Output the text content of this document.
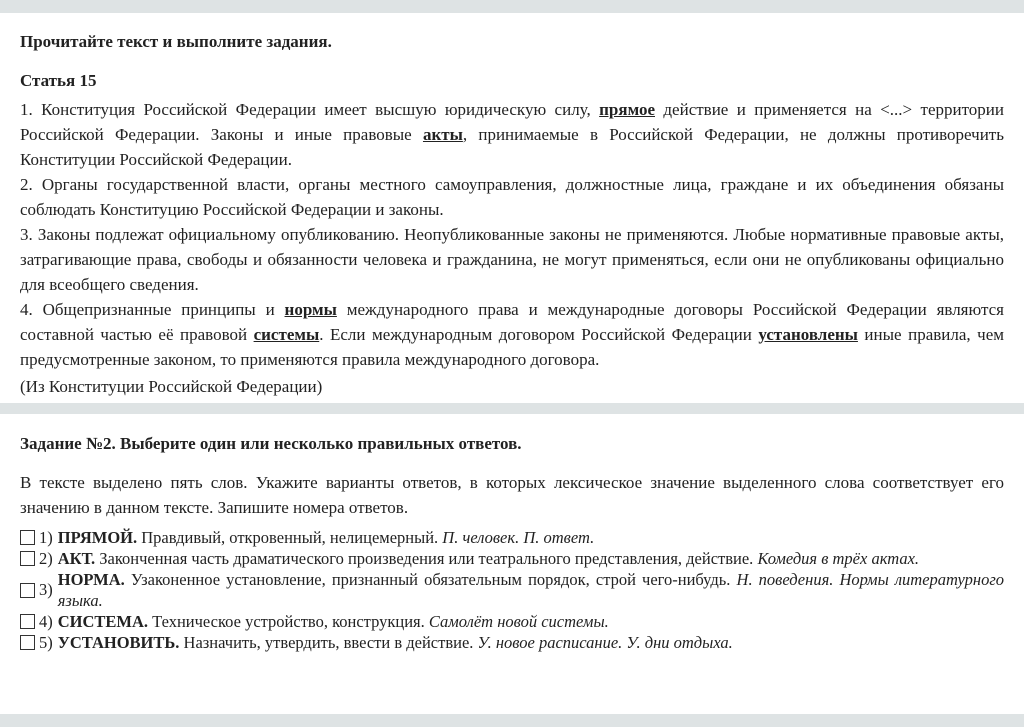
Прочитайте текст и выполните задания.
Статья 15

1. Конституция Российской Федерации имеет высшую юридическую силу, прямое действие и применяется на <...> территории Российской Федерации. Законы и иные правовые акты, принимаемые в Российской Федерации, не должны противоречить Конституции Российской Федерации.

2. Органы государственной власти, органы местного самоуправления, должностные лица, граждане и их объединения обязаны соблюдать Конституцию Российской Федерации и законы.

3. Законы подлежат официальному опубликованию. Неопубликованные законы не применяются. Любые нормативные правовые акты, затрагивающие права, свободы и обязанности человека и гражданина, не могут применяться, если они не опубликованы официально для всеобщего сведения.

4. Общепризнанные принципы и нормы международного права и международные договоры Российской Федерации являются составной частью её правовой системы. Если международным договором Российской Федерации установлены иные правила, чем предусмотренные законом, то применяются правила международного договора.

(Из Конституции Российской Федерации)
Задание №2. Выберите один или несколько правильных ответов.

В тексте выделено пять слов. Укажите варианты ответов, в которых лексическое значение выделенного слова соответствует его значению в данном тексте. Запишите номера ответов.

1) ПРЯМОЙ. Правдивый, откровенный, нелицемерный. П. человек. П. ответ.
2) АКТ. Законченная часть драматического произведения или театрального представления, действие. Комедия в трёх актах.
3)
НОРМА. Узаконенное установление, признанный обязательным порядок, строй чего-нибудь. Н. поведения. Нормы литературного языка.
4) СИСТЕМА. Техническое устройство, конструкция. Самолёт новой системы.
5) УСТАНОВИТЬ. Назначить, утвердить, ввести в действие. У. новое расписание. У. дни отдыха.
